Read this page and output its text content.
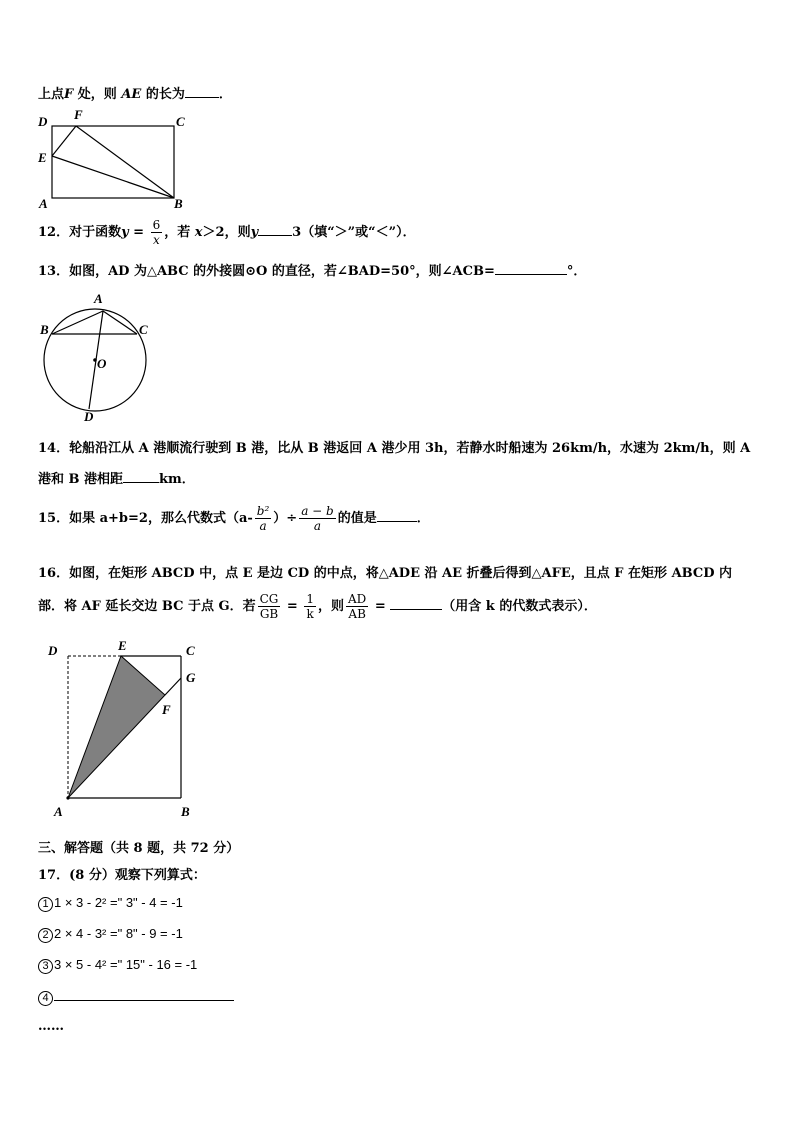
上点F 处，则 AE 的长为	．
D F	C
E
A	B
12．对于函数$y = \frac{6}{x}$ ，若 x＞2，则y	3（填“＞”或“＜”）．
13．如图，AD 为△ABC 的外接圆⊙O 的直径，若∠BAD=50°，则∠ACB=	°．
A
B	C
O
D
14．轮船沿江从 A 港顺流行驶到 B 港，比从 B 港返回 A 港少用 3h，若静水时船速为 26km/h，水速为 2km/h，则 A
港和 B 港相距	km．
15．如果 a+b=2，那么代数式（$a- \frac{\text{b²}}{a}$ ）÷ $\frac{a - b}{a}$ 的值是	．
16．如图，在矩形 ABCD 中，点 E 是边 CD 的中点，将△ADE 沿 AE 折叠后得到△AFE，且点 F 在矩形 ABCD 内
部．将 AF 延长交边 BC 于点 G．若 $\frac{CG}{GB} = \frac{1}{k}$ ，则 $\frac{AD}{AB}$ =	（用含 k 的代数式表示）．
D	E	C
G
F
A	B
三、解答题（共 8 题，共 72 分）
17．(8 分）观察下列算式：
1 1 × 3 - 2² =" 3" - 4 = -1
2 2 × 4 - 3² =" 8" - 9 = -1
3 3 × 5 - 4² =" 15" - 16 = -1
4
……
